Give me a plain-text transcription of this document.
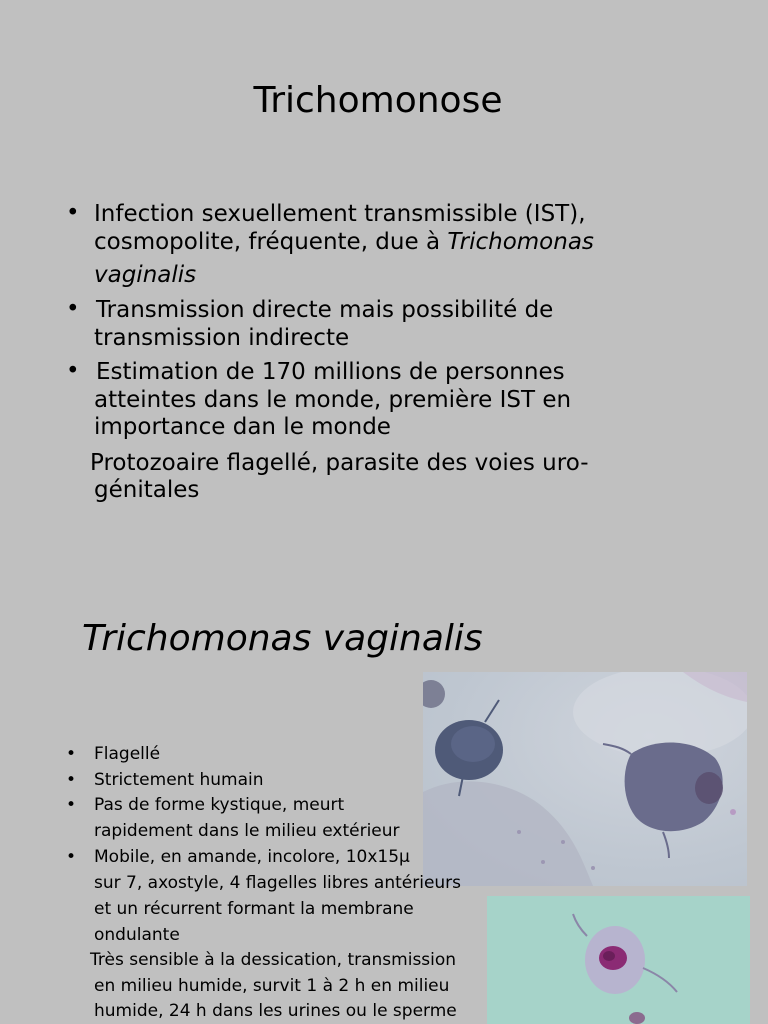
Trichomonose
• Infection sexuellement transmissible (IST),
cosmopolite, fréquente, due à Trichomonas
vaginalis
• Transmission directe mais possibilité de
transmission indirecte
• Estimation de 170 millions de personnes
atteintes dans le monde, première IST en
importance dan le monde
Protozoaire flagellé, parasite des voies uro-
génitales
Trichomonas vaginalis
• Flagellé
• Strictement humain
• Pas de forme kystique, meurt
rapidement dans le milieu extérieur
• Mobile, en amande, incolore, 10x15µ
sur 7, axostyle, 4 flagelles libres antérieurs
et un récurrent formant la membrane
ondulante
Très sensible à la dessication, transmission
en milieu humide, survit 1 à 2 h en milieu
humide, 24 h dans les urines ou le sperme
